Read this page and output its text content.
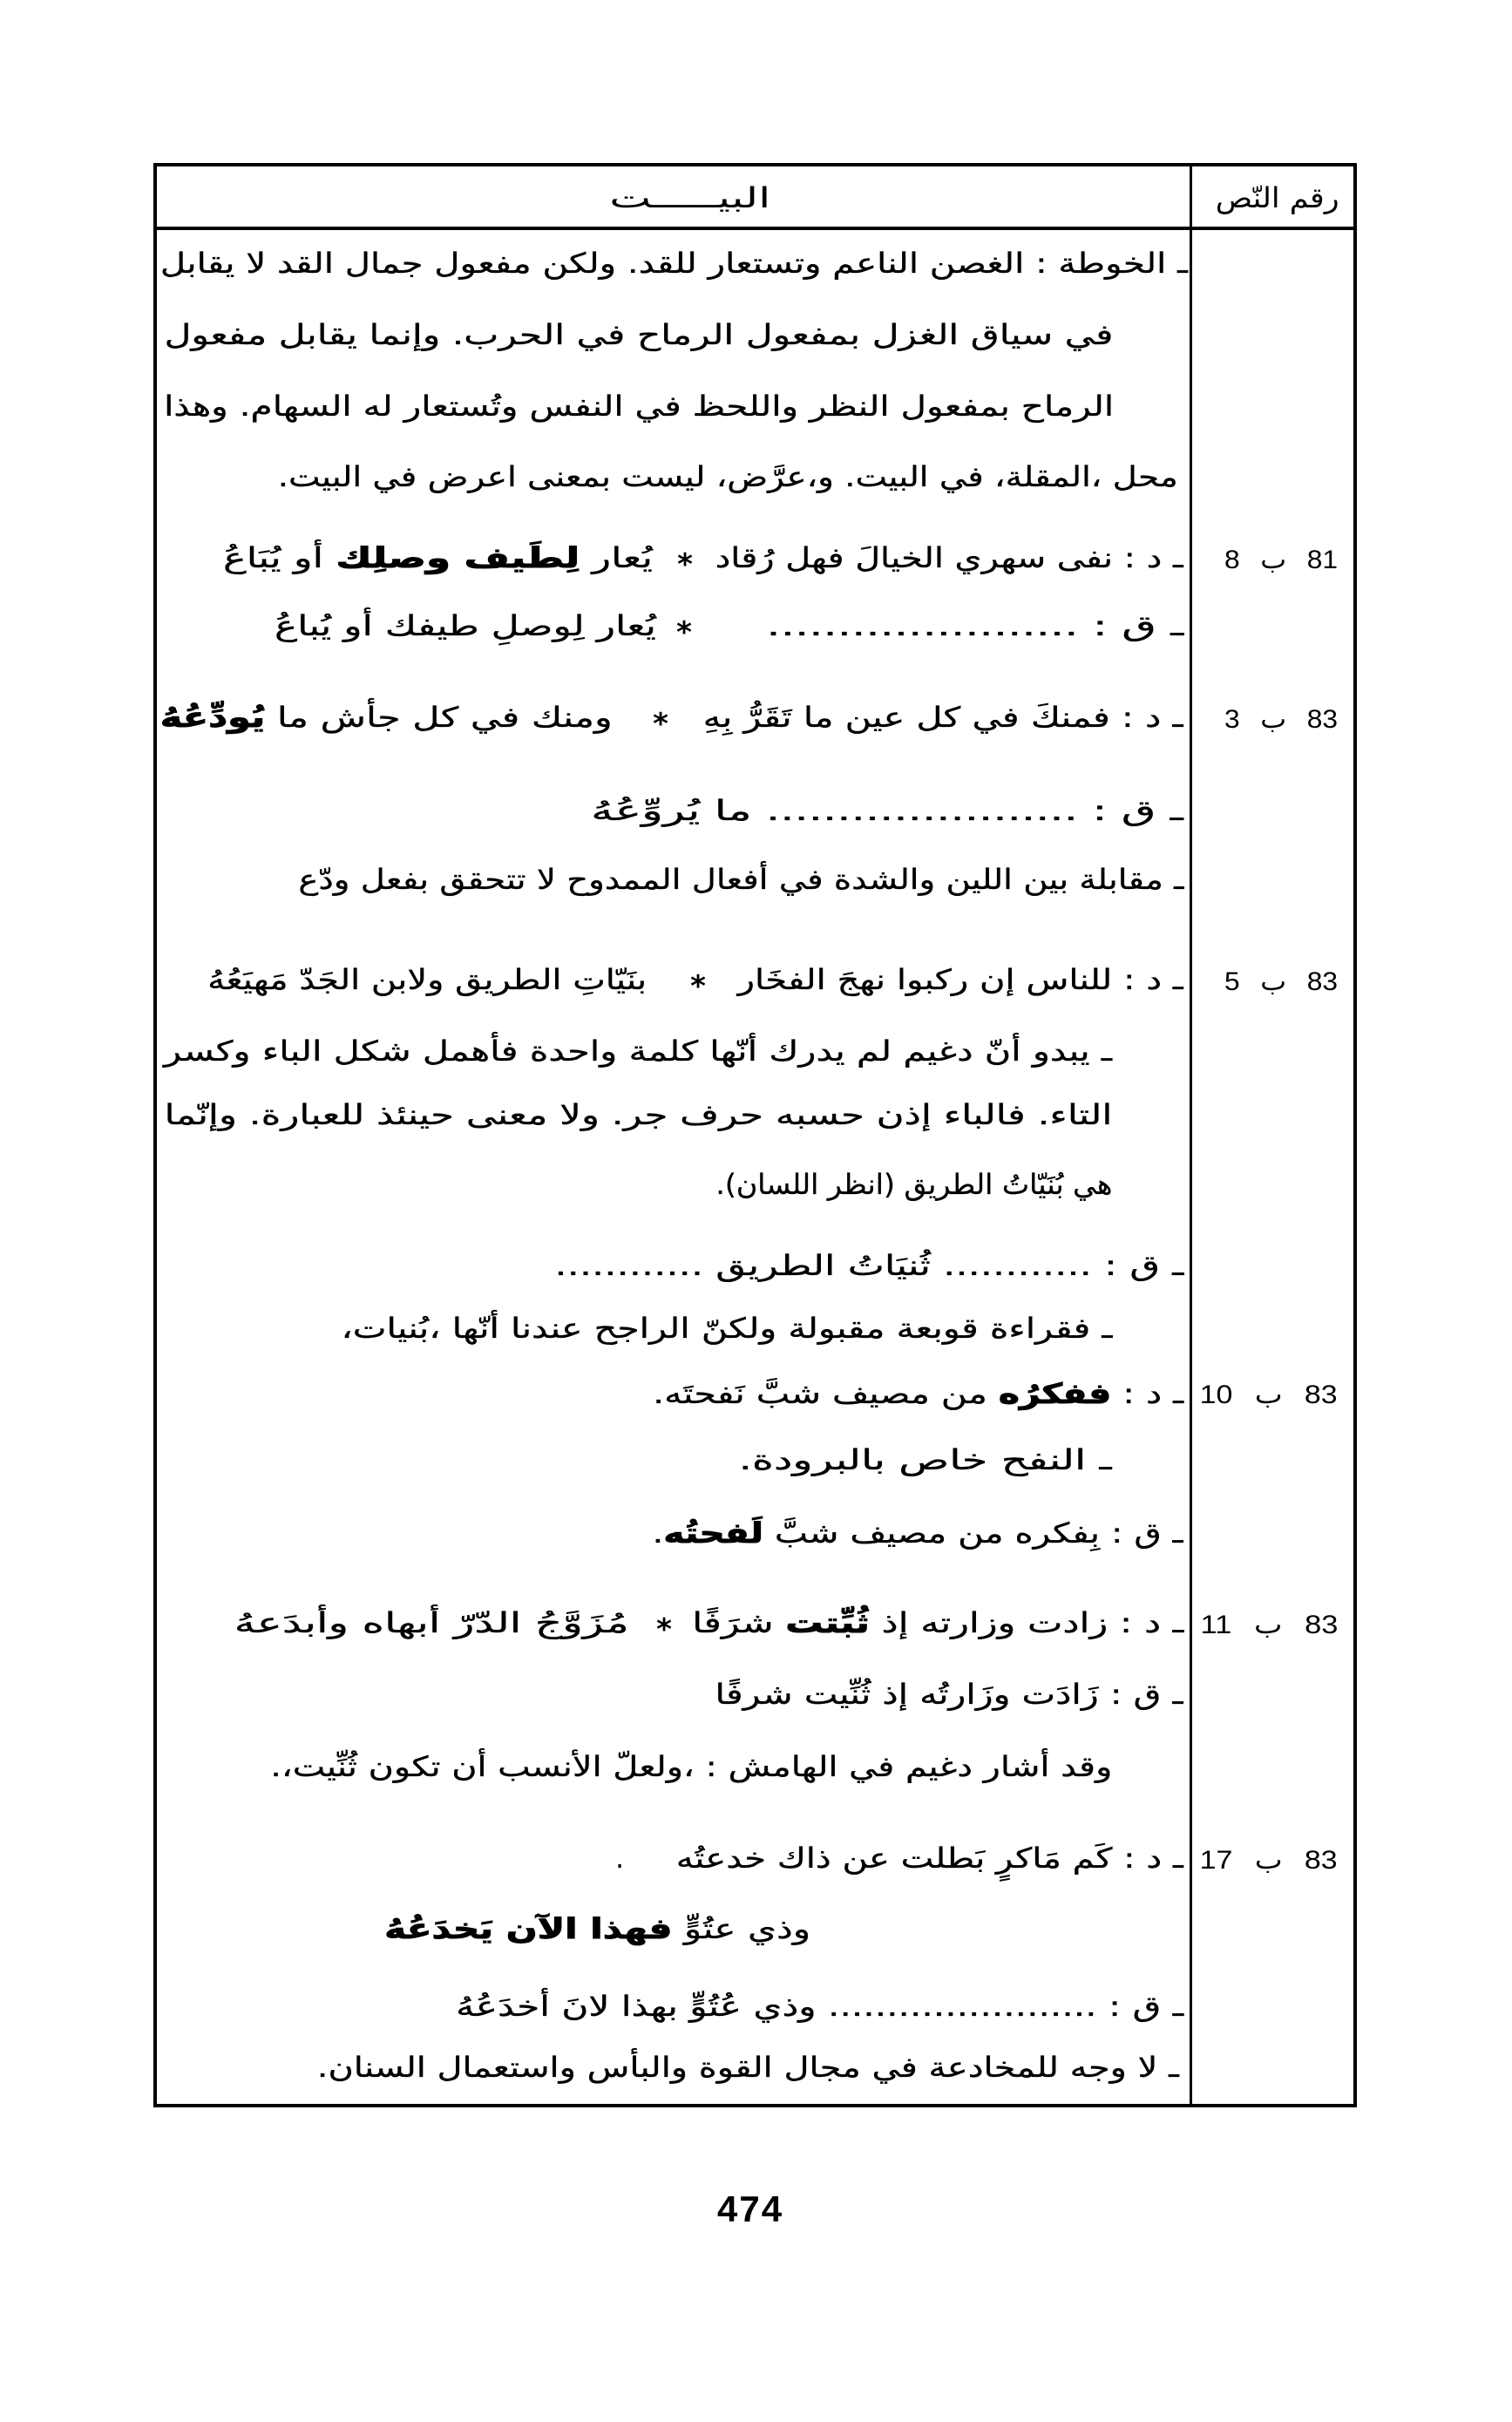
البيـــــت	رقم النّص
ـ الخوطة : الغصن الناعم وتستعار للقد. ولكن مفعول جمال القد لا يقابل
في سياق الغزل بمفعول الرماح في الحرب. وإنما يقابل مفعول
الرماح بمفعول النظر واللحظ في النفس وتُستعار له السهام. وهذا
محل ،المقلة، في البيت. و،عرَّض، ليست بمعنى اعرض في البيت.
81 ب 8
ـ د : نفى سهري الخيالَ فهل رُقاد
*
يُعار لِطَيف وصلِك أو يُبَاعُ
ـ ق : ......................
*
يُعار لِوصلِ طيفك أو يُباعُ
83 ب 3
ـ د : فمنكَ في كل عين ما تَقَرُّ بِهِ
*
ومنك في كل جأش ما يُودِّعُهُ
ـ ق : ...................... ما يُروِّعُهُ
ـ مقابلة بين اللين والشدة في أفعال الممدوح لا تتحقق بفعل ودّع
83 ب 5
ـ د : للناس إن ركبوا نهجَ الفخَار
*
بنَيّاتِ الطريق ولابن الجَدّ مَهيَعُهُ
ـ يبدو أنّ دغيم لم يدرك أنّها كلمة واحدة فأهمل شكل الباء وكسر
التاء. فالباء إذن حسبه حرف جر. ولا معنى حينئذ للعبارة. وإنّما
هي بُنَيّاتُ الطريق (انظر اللسان).
ـ ق : ............ ثُنيَاتُ الطريق ............
ـ فقراءة قوبعة مقبولة ولكنّ الراجح عندنا أنّها ،بُنيات،
83 ب 10
ـ د : ففكرُه من مصيف شبَّ نَفحتَه.
ـ النفح خاص بالبرودة.
ـ ق : بِفكره من مصيف شبَّ لَفحتُه.
83 ب 11
ـ د : زادت وزارته إذ ثُبِّتت شرَفًا
*
مُزَوَّجُ الدّرّ أبهاه وأبدَعهُ
ـ ق : زَادَت وزَارتُه إذ ثُنِّيت شرفًا
وقد أشار دغيم في الهامش : ،ولعلّ الأنسب أن تكون ثُنِّيت،.
83 ب 17
ـ د : كَم مَاكرٍ بَطلت عن ذاك خدعتُه
.
وذي عتُوٍّ فهذا الآن يَخدَعُهُ
ـ ق : ....................... وذي عُتُوٍّ بهذا لانَ أخدَعُهُ
ـ لا وجه للمخادعة في مجال القوة والبأس واستعمال السنان.
474
